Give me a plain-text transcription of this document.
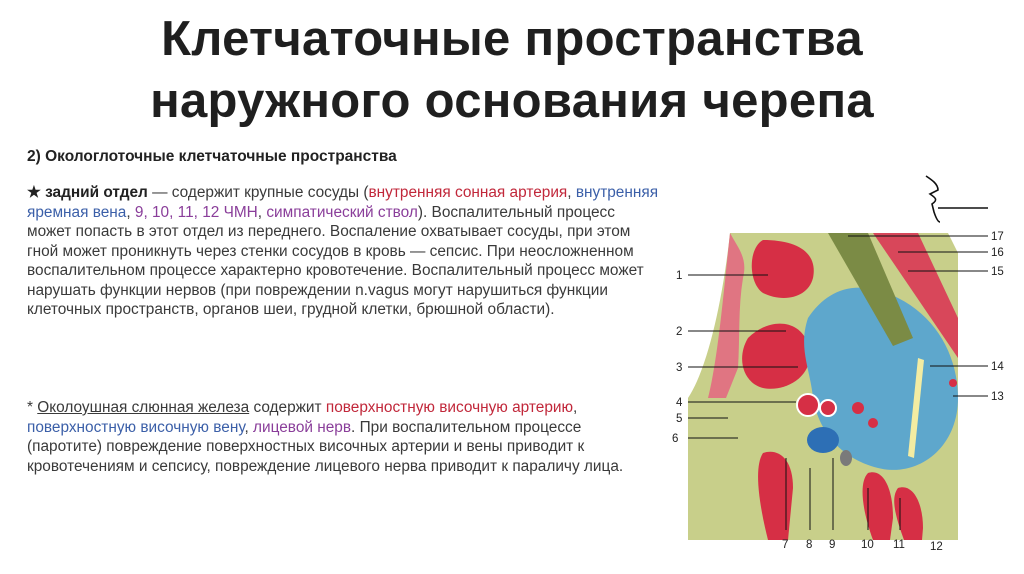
Клетчаточные пространства
наружного основания черепа
2) Окологлоточные клетчаточные пространства
★ задний отдел — содержит крупные сосуды (внутренняя сонная артерия, внутренняя яремная вена, 9, 10, 11, 12 ЧМН, симпатический ствол). Воспалительный процесс может попасть в этот отдел из переднего. Воспаление охватывает сосуды, при этом гной может проникнуть через стенки сосудов в кровь — сепсис. При неосложненном воспалительном процессе характерно кровотечение. Воспалительный процесс может нарушать функции нервов (при повреждении n.vagus могут нарушиться функции клеточных пространств, органов шеи, грудной клетки, брюшной области).
* Околоушная слюнная железа содержит поверхностную височную артерию, поверхностную височную вену, лицевой нерв. При воспалительном процессе (паротите) повреждение поверхностных височных артерии и вены приводит к кровотечениям и сепсису, повреждение лицевого нерва приводит к параличу лица.
1
2
3
4
5
6
17
16
15
14
13
7 8 9 10 11 12
